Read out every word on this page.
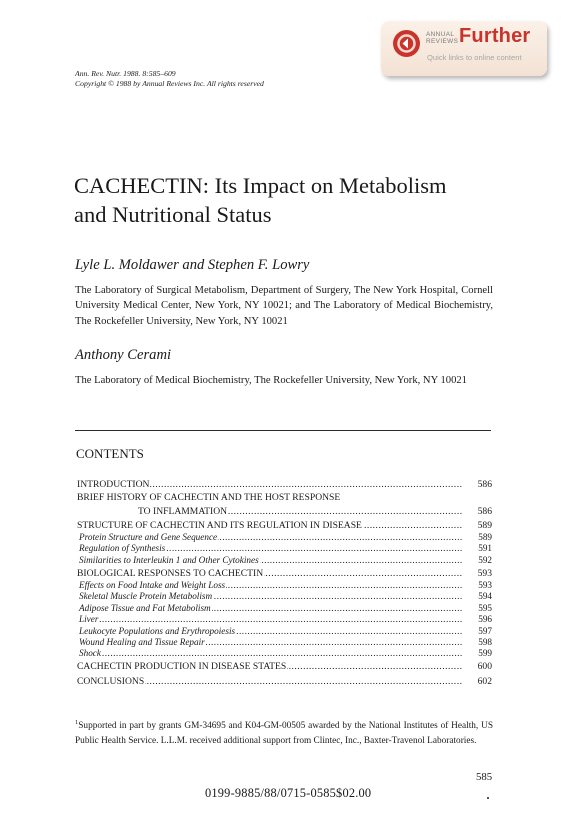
ANNUAL
REVIEWS Further
Quick links to online content
Ann. Rev. Nutr. 1988. 8:585–609
Copyright © 1988 by Annual Reviews Inc. All rights reserved
CACHECTIN: Its Impact on Metabolism
and Nutritional Status
Lyle L. Moldawer and Stephen F. Lowry
The Laboratory of Surgical Metabolism, Department of Surgery, The New York Hospital, Cornell University Medical Center, New York, NY 10021; and The Laboratory of Medical Biochemistry, The Rockefeller University, New York, NY 10021
Anthony Cerami
The Laboratory of Medical Biochemistry, The Rockefeller University, New York, NY 10021
CONTENTS
INTRODUCTION .....	586
BRIEF HISTORY OF CACHECTIN AND THE HOST RESPONSE
TO INFLAMMATION .....	586
STRUCTURE OF CACHECTIN AND ITS REGULATION IN DISEASE .....	589
Protein Structure and Gene Sequence .....	589
Regulation of Synthesis .....	591
Similarities to Interleukin 1 and Other Cytokines .....	592
BIOLOGICAL RESPONSES TO CACHECTIN .....	593
Effects on Food Intake and Weight Loss .....	593
Skeletal Muscle Protein Metabolism .....	594
Adipose Tissue and Fat Metabolism .....	595
Liver .....	596
Leukocyte Populations and Erythropoiesis .....	597
Wound Healing and Tissue Repair .....	598
Shock .....	599
CACHECTIN PRODUCTION IN DISEASE STATES .....	600
CONCLUSIONS .....	602
$^1$Supported in part by grants GM-34695 and K04-GM-00505 awarded by the National Institutes of Health, US Public Health Service. L.L.M. received additional support from Clintec, Inc., Baxter-Travenol Laboratories.
585
0199-9885/88/0715-0585$02.00
